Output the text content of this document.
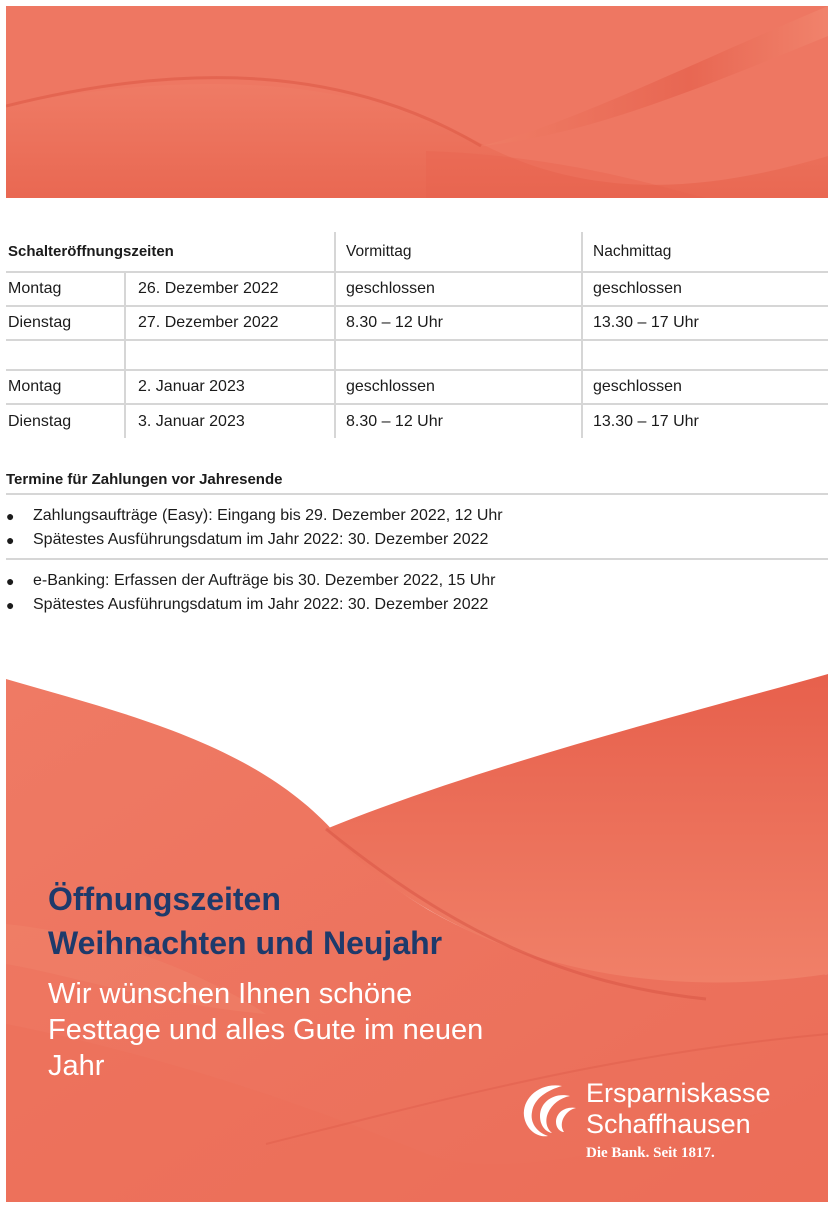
Schalteröffnungszeiten		Vormittag	Nachmittag
Montag	26. Dezember 2022	geschlossen	geschlossen
Dienstag	27. Dezember 2022	8.30 – 12 Uhr	13.30 – 17 Uhr

Montag	2. Januar 2023	geschlossen	geschlossen
Dienstag	3. Januar 2023	8.30 – 12 Uhr	13.30 – 17 Uhr
Termine für Zahlungen vor Jahresende
●	Zahlungsaufträge (Easy): Eingang bis 29. Dezember 2022, 12 Uhr
●	Spätestes Ausführungsdatum im Jahr 2022: 30. Dezember 2022
●	e-Banking: Erfassen der Aufträge bis 30. Dezember 2022, 15 Uhr
●	Spätestes Ausführungsdatum im Jahr 2022: 30. Dezember 2022
Öffnungszeiten
Weihnachten und Neujahr
Wir wünschen Ihnen schöne Festtage und alles Gute im neuen Jahr
Ersparniskasse
Schaffhausen
Die Bank. Seit 1817.
